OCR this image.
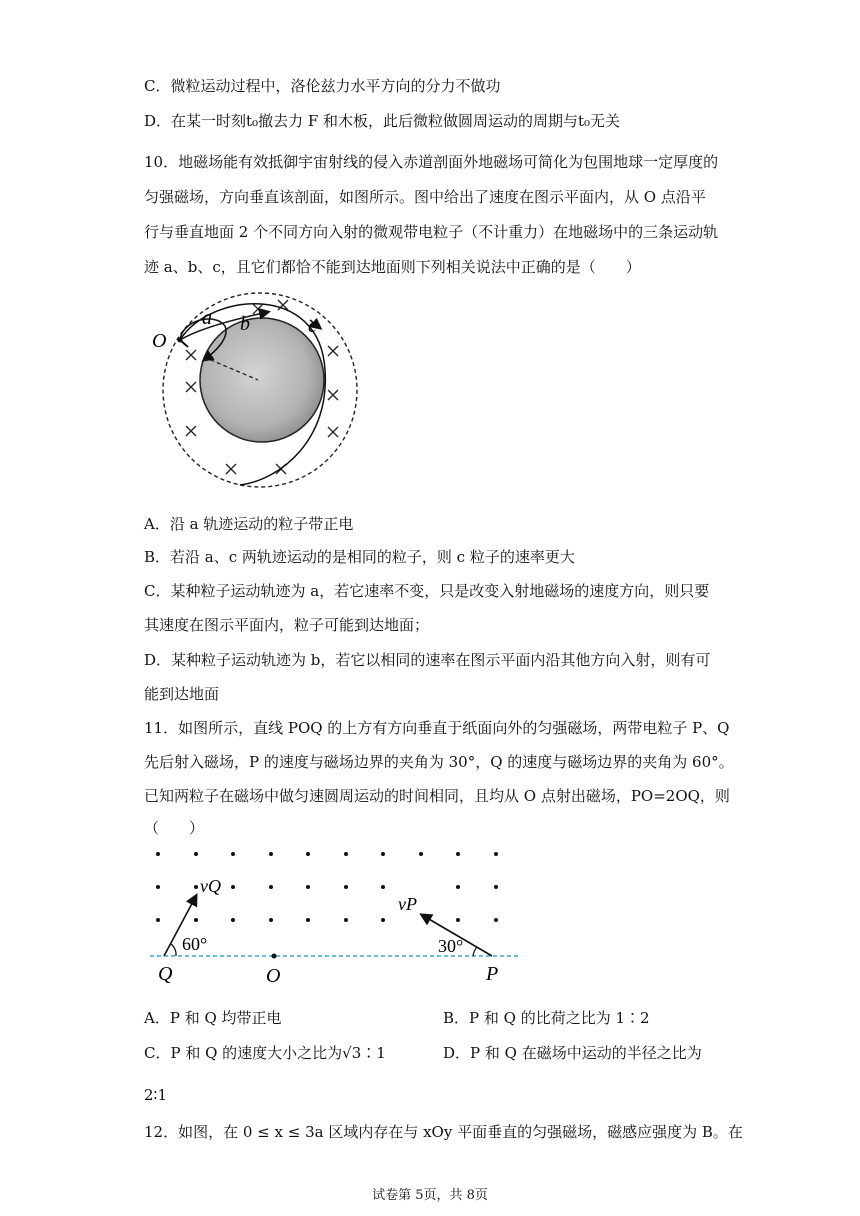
C．微粒运动过程中，洛伦兹力水平方向的分力不做功
D．在某一时刻t₀撤去力 F 和木板，此后微粒做圆周运动的周期与t₀无关
10．地磁场能有效抵御宇宙射线的侵入赤道剖面外地磁场可简化为包围地球一定厚度的
匀强磁场，方向垂直该剖面，如图所示。图中给出了速度在图示平面内，从 O 点沿平
行与垂直地面 2 个不同方向入射的微观带电粒子（不计重力）在地磁场中的三条运动轨
迹 a、b、c，且它们都恰不能到达地面则下列相关说法中正确的是（　　）
O
a b	c
A．沿 a 轨迹运动的粒子带正电
B．若沿 a、c 两轨迹运动的是相同的粒子，则 c 粒子的速率更大
C．某种粒子运动轨迹为 a，若它速率不变，只是改变入射地磁场的速度方向，则只要
其速度在图示平面内，粒子可能到达地面；
D．某种粒子运动轨迹为 b，若它以相同的速率在图示平面内沿其他方向入射，则有可
能到达地面
11．如图所示，直线 POQ 的上方有方向垂直于纸面向外的匀强磁场，两带电粒子 P、Q
先后射入磁场，P 的速度与磁场边界的夹角为 30°，Q 的速度与磁场边界的夹角为 60°。
已知两粒子在磁场中做匀速圆周运动的时间相同，且均从 O 点射出磁场，PO=2OQ，则
（　　）
60°	30°
Q	O	P
vQ
vP
A．P 和 Q 均带正电	B．P 和 Q 的比荷之比为 1∶2
C．P 和 Q 的速度大小之比为√3∶1	D．P 和 Q 在磁场中运动的半径之比为
2∶1
12．如图，在 0 ≤ x ≤ 3a 区域内存在与 xOy 平面垂直的匀强磁场，磁感应强度为 B。在
试卷第 5页，共 8页
